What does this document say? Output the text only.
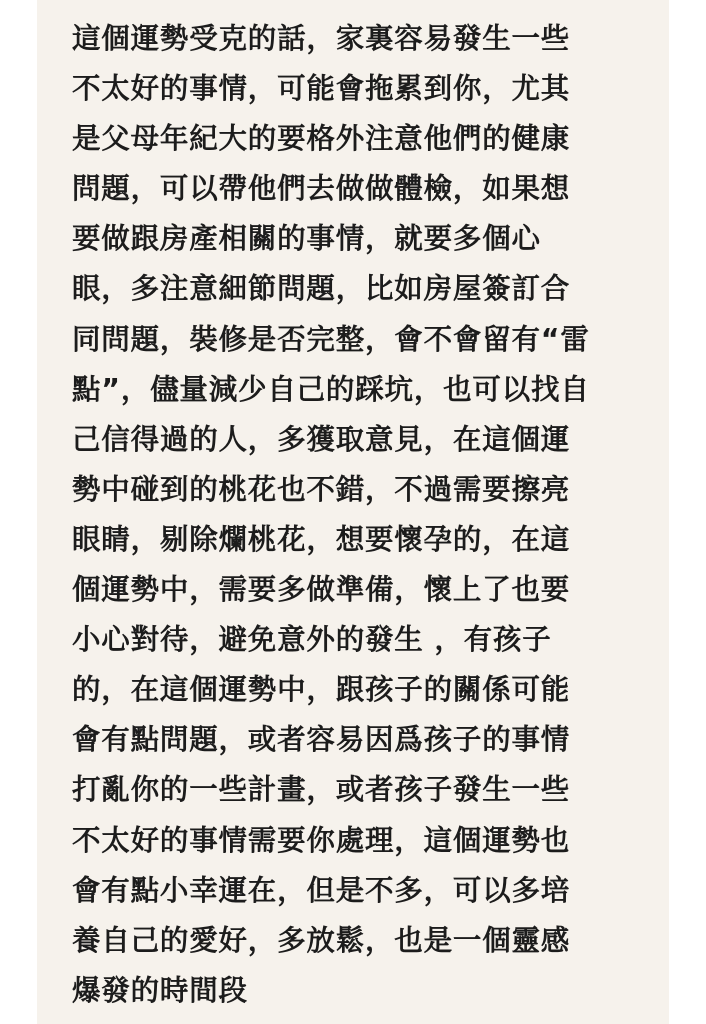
這個運勢受克的話，家裏容易發生一些
不太好的事情，可能會拖累到你，尤其
是父母年紀大的要格外注意他們的健康
問題，可以帶他們去做做體檢，如果想
要做跟房產相關的事情，就要多個心
眼，多注意細節問題，比如房屋簽訂合
同問題，裝修是否完整，會不會留有“雷
點”，儘量減少自己的踩坑，也可以找自
己信得過的人，多獲取意見，在這個運
勢中碰到的桃花也不錯，不過需要擦亮
眼睛，剔除爛桃花，想要懷孕的，在這
個運勢中，需要多做準備，懷上了也要
小心對待，避免意外的發生 ，有孩子
的，在這個運勢中，跟孩子的關係可能
會有點問題，或者容易因爲孩子的事情
打亂你的一些計畫，或者孩子發生一些
不太好的事情需要你處理，這個運勢也
會有點小幸運在，但是不多，可以多培
養自己的愛好，多放鬆，也是一個靈感
爆發的時間段
